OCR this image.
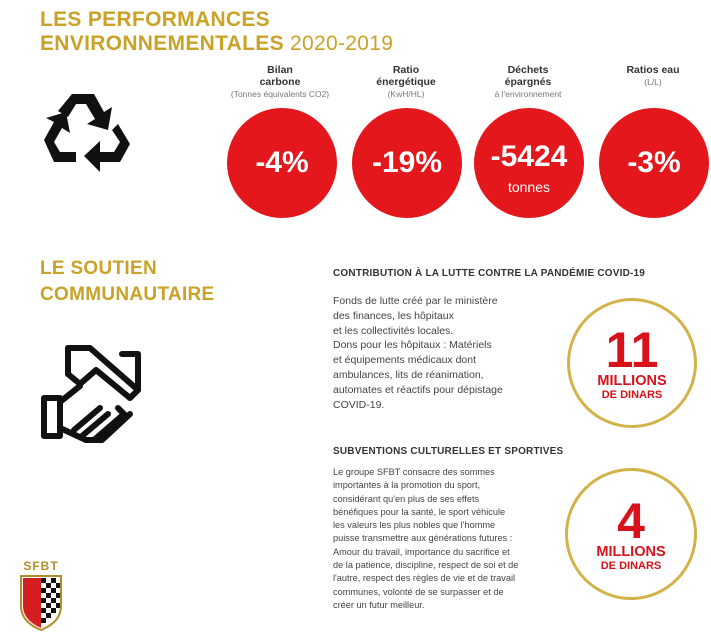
LES PERFORMANCES
ENVIRONNEMENTALES 2020-2019
Bilan
carbone
(Tonnes équivalents CO2)
Ratio
énergétique
(KwH/HL)
Déchets
épargnés
à l'environnement
Ratios eau
(L/L)
-4% -19% -5424
tonnes
-3%
LE SOUTIEN
COMMUNAUTAIRE
CONTRIBUTION À LA LUTTE CONTRE LA PANDÉMIE COVID-19
Fonds de lutte créé par le ministère
des finances, les hôpitaux
et les collectivités locales.
Dons pour les hôpitaux : Matériels
et équipements médicaux dont
ambulances, lits de réanimation,
automates et réactifs pour dépistage
COVID-19.
11
MILLIONS
DE DINARS
SUBVENTIONS CULTURELLES ET SPORTIVES
Le groupe SFBT consacre des sommes
importantes à la promotion du sport,
considérant qu'en plus de ses effets
bénéfiques pour la santé, le sport véhicule
les valeurs les plus nobles que l'homme
puisse transmettre aux générations futures :
Amour du travail, importance du sacrifice et
de la patience, discipline, respect de soi et de
l'autre, respect des règles de vie et de travail
communes, volonté de se surpasser et de
créer un futur meilleur.
4
MILLIONS
DE DINARS
SFBT
